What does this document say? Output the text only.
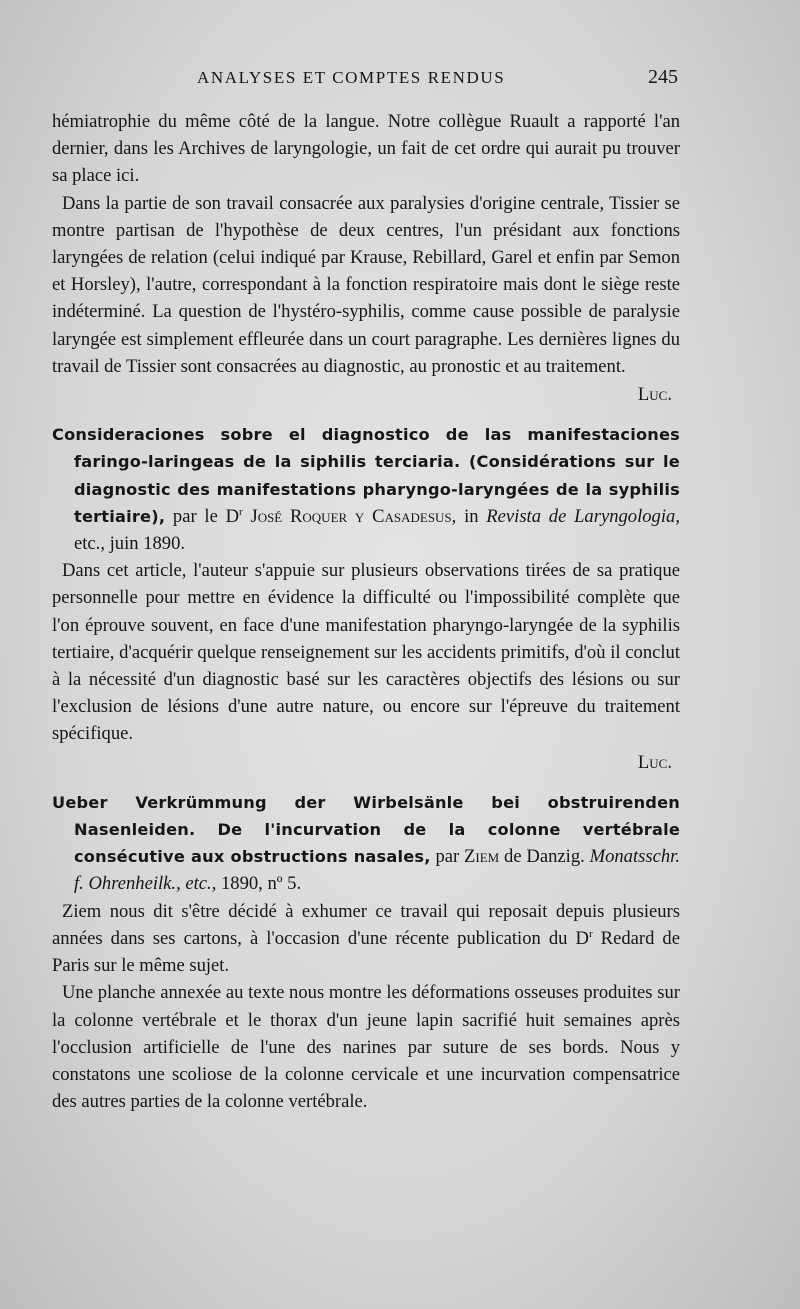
ANALYSES ET COMPTES RENDUS	245

hémiatrophie du même côté de la langue. Notre collègue Ruault a rapporté l'an dernier, dans les Archives de laryngologie, un fait de cet ordre qui aurait pu trouver sa place ici.

Dans la partie de son travail consacrée aux paralysies d'origine centrale, Tissier se montre partisan de l'hypothèse de deux centres, l'un présidant aux fonctions laryngées de relation (celui indiqué par Krause, Rebillard, Garel et enfin par Semon et Horsley), l'autre, correspondant à la fonction respiratoire mais dont le siège reste indéterminé. La question de l'hystéro-syphilis, comme cause possible de paralysie laryngée est simplement effleurée dans un court paragraphe. Les dernières lignes du travail de Tissier sont consacrées au diagnostic, au pronostic et au traitement.

Luc.

Consideraciones sobre el diagnostico de las manifestaciones faringo-laringeas de la siphilis terciaria. (Considérations sur le diagnostic des manifestations pharyngo-laryngées de la syphilis tertiaire), par le $D^r$ José Roquer y Casadesus, in Revista de Laryngologia, etc., juin 1890.

Dans cet article, l'auteur s'appuie sur plusieurs observations tirées de sa pratique personnelle pour mettre en évidence la difficulté ou l'impossibilité complète que l'on éprouve souvent, en face d'une manifestation pharyngo-laryngée de la syphilis tertiaire, d'acquérir quelque renseignement sur les accidents primitifs, d'où il conclut à la nécessité d'un diagnostic basé sur les caractères objectifs des lésions ou sur l'exclusion de lésions d'une autre nature, ou encore sur l'épreuve du traitement spécifique.

Luc.

Ueber Verkrümmung der Wirbelsänle bei obstruirenden Nasenleiden. De l'incurvation de la colonne vertébrale consécutive aux obstructions nasales, par Ziem de Danzig. Monatsschr. f. Ohrenheilk., etc., 1890, nº 5.

Ziem nous dit s'être décidé à exhumer ce travail qui reposait depuis plusieurs années dans ses cartons, à l'occasion d'une récente publication du $D^r$ Redard de Paris sur le même sujet.

Une planche annexée au texte nous montre les déformations osseuses produites sur la colonne vertébrale et le thorax d'un jeune lapin sacrifié huit semaines après l'occlusion artificielle de l'une des narines par suture de ses bords. Nous y constatons une scoliose de la colonne cervicale et une incurvation compensatrice des autres parties de la colonne vertébrale.
